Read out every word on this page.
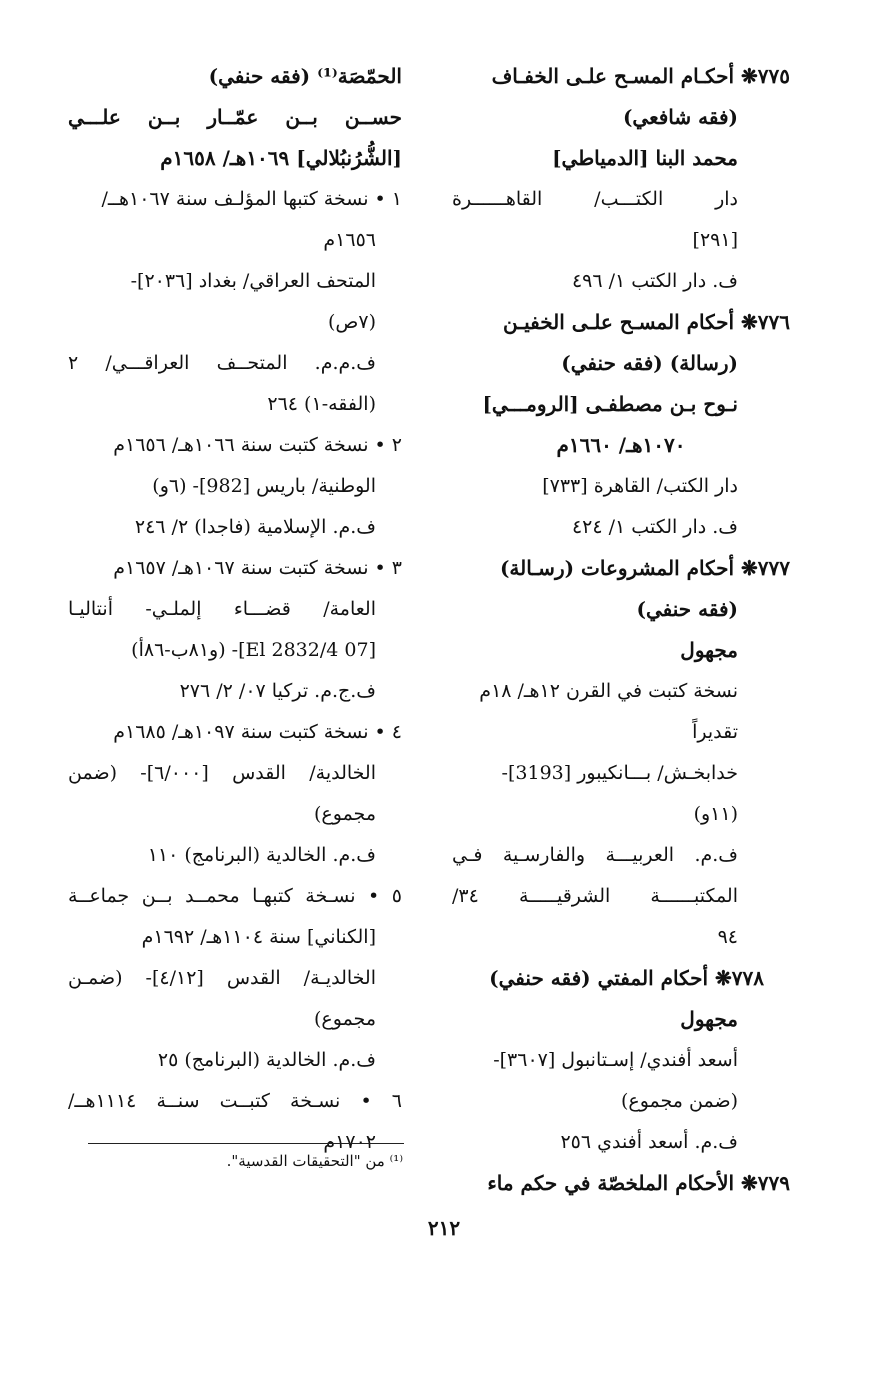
٧٧٥❋ أحكـام المسـح علـى الخفـاف
(فقه شافعي)
محمد البنا [الدمياطي]
دار الكتـــب/ القاهــــــرة
[٢٩١]
ف. دار الكتب ١/ ٤٩٦
٧٧٦❋ أحكام المسـح علـى الخفيـن
(رسالة) (فقه حنفي)
نـوح بـن مصطفـى [الرومـــي]
١٠٧٠هـ/ ١٦٦٠م
دار الكتب/ القاهرة [٧٣٣]
ف. دار الكتب ١/ ٤٢٤
٧٧٧❋ أحكام المشروعات (رسـالة)
(فقه حنفي)
مجهول
نسخة كتبت في القرن ١٢هـ/ ١٨م
تقديراً
خدابخـش/ بـــانكيبور [3193]-
(١١و)
ف.م. العربيـــة والفارسـية فـي
المكتبــــــة الشرقيـــــة ٣٤/
٩٤
٧٧٨❋ أحكام المفتي (فقه حنفي)
مجهول
أسعد أفندي/ إسـتانبول [٣٦٠٧]-
(ضمن مجموع)
ف.م. أسعد أفندي ٢٥٦
٧٧٩❋ الأحكام الملخصّة في حكم ماء
الحمّصَة⁽¹⁾ (فقه حنفي)
حســن بــن عمّــار بــن علـــي
[الشُّرُنبُلالي] ١٠٦٩هـ/ ١٦٥٨م
١ • نسخة كتبها المؤلـف سنة ١٠٦٧هــ/
١٦٥٦م
المتحف العراقي/ بغداد [٢٠٣٦]-
(٧ص)
ف.م.م. المتحــف العراقـــي/ ٢
(الفقه-١) ٢٦٤
٢ • نسخة كتبت سنة ١٠٦٦هـ/ ١٦٥٦م
الوطنية/ باريس [982]- (٦و)
ف.م. الإسلامية (فاجدا) ٢/ ٢٤٦
٣ • نسخة كتبت سنة ١٠٦٧هـ/ ١٦٥٧م
العامة/ قضـــاء إلملـي- أنتاليـا
[07 El 2832/4]- (و٨١ب-٨٦أ)
ف.ج.م. تركيا ٠٧/ ٢/ ٢٧٦
٤ • نسخة كتبت سنة ١٠٩٧هـ/ ١٦٨٥م
الخالدية/ القدس [٦/٠٠٠]- (ضمن
مجموع)
ف.م. الخالدية (البرنامج) ١١٠
٥ • نسـخة كتبهـا محمــد بــن جماعــة
[الكناني] سنة ١١٠٤هـ/ ١٦٩٢م
الخالديـة/ القدس [٤/١٢]- (ضمـن
مجموع)
ف.م. الخالدية (البرنامج) ٢٥
٦ • نسـخة كتبــت سنــة ١١١٤هــ/
١٧٠٢م
⁽¹⁾ من "التحقيقات القدسية".
٢١٢
